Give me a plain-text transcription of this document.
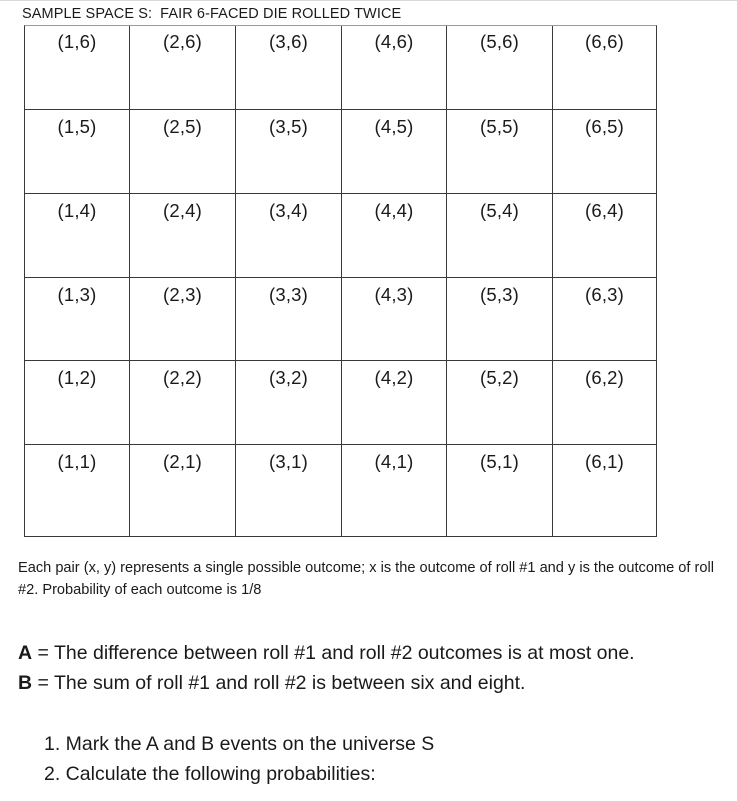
SAMPLE SPACE S: FAIR 6-FACED DIE ROLLED TWICE
(1,6)	(2,6)	(3,6)	(4,6)	(5,6)	(6,6)
(1,5)	(2,5)	(3,5)	(4,5)	(5,5)	(6,5)
(1,4)	(2,4)	(3,4)	(4,4)	(5,4)	(6,4)
(1,3)	(2,3)	(3,3)	(4,3)	(5,3)	(6,3)
(1,2)	(2,2)	(3,2)	(4,2)	(5,2)	(6,2)
(1,1)	(2,1)	(3,1)	(4,1)	(5,1)	(6,1)
Each pair (x, y) represents a single possible outcome; x is the outcome of roll #1 and y is the outcome of roll #2. Probability of each outcome is 1/8
A = The difference between roll #1 and roll #2 outcomes is at most one.
B = The sum of roll #1 and roll #2 is between six and eight.
1. Mark the A and B events on the universe S
2. Calculate the following probabilities:
